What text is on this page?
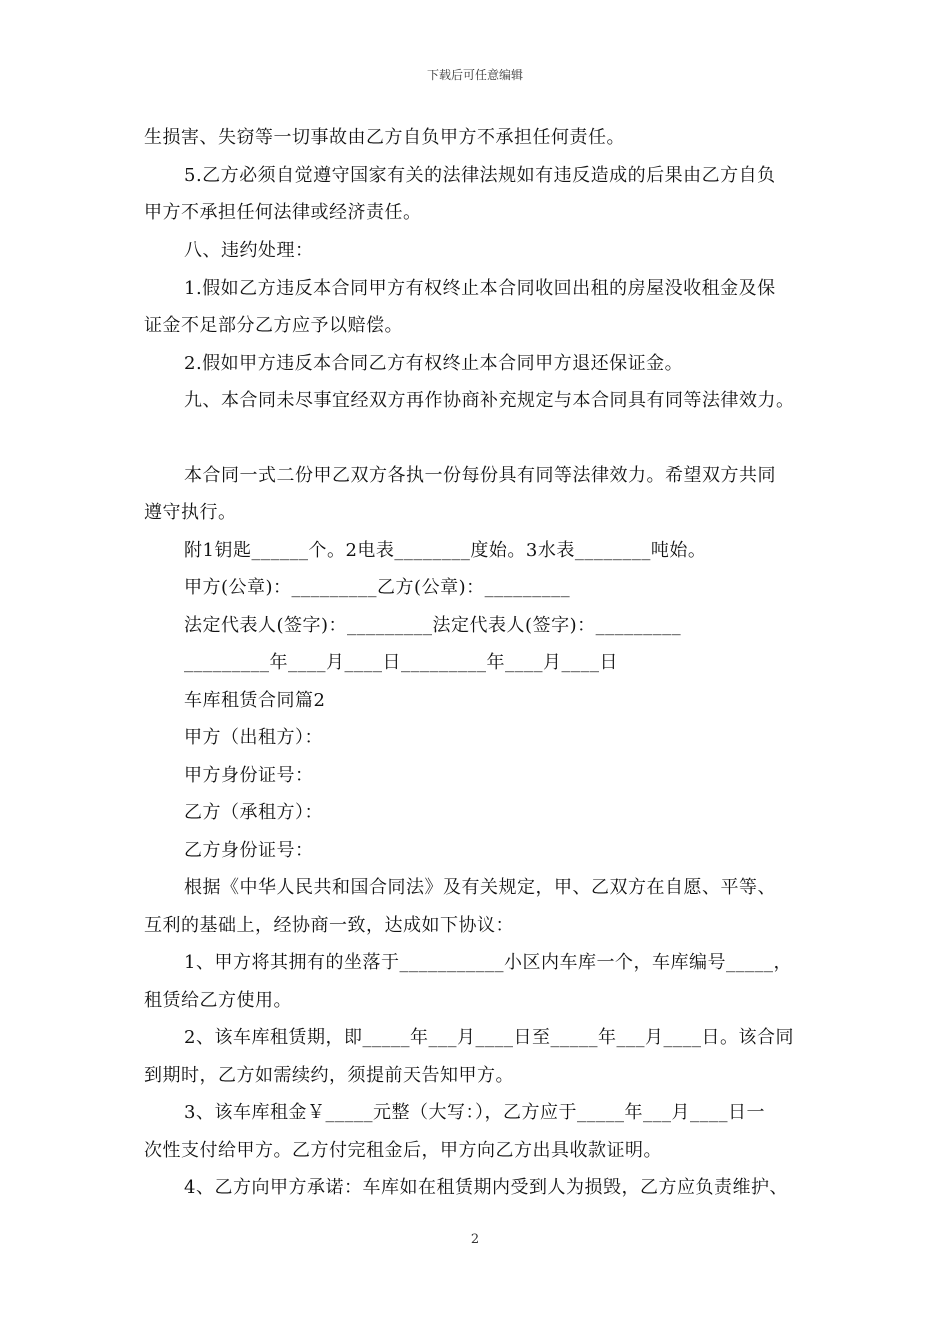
下载后可任意编辑
生损害、失窃等一切事故由乙方自负甲方不承担任何责任。
5.乙方必须自觉遵守国家有关的法律法规如有违反造成的后果由乙方自负
甲方不承担任何法律或经济责任。
八、违约处理：
1.假如乙方违反本合同甲方有权终止本合同收回出租的房屋没收租金及保
证金不足部分乙方应予以赔偿。
2.假如甲方违反本合同乙方有权终止本合同甲方退还保证金。
九、本合同未尽事宜经双方再作协商补充规定与本合同具有同等法律效力。
本合同一式二份甲乙双方各执一份每份具有同等法律效力。希望双方共同
遵守执行。
附1钥匙______个。2电表________度始。3水表________吨始。
甲方(公章)：_________乙方(公章)：_________
法定代表人(签字)：_________法定代表人(签字)：_________
_________年____月____日_________年____月____日
车库租赁合同篇2
甲方（出租方）：
甲方身份证号：
乙方（承租方）：
乙方身份证号：
根据《中华人民共和国合同法》及有关规定，甲、乙双方在自愿、平等、
互利的基础上，经协商一致，达成如下协议：
1、甲方将其拥有的坐落于___________小区内车库一个，车库编号_____，
租赁给乙方使用。
2、该车库租赁期，即_____年___月____日至_____年___月____日。该合同
到期时，乙方如需续约，须提前天告知甲方。
3、该车库租金￥_____元整（大写：），乙方应于_____年___月____日一
次性支付给甲方。乙方付完租金后，甲方向乙方出具收款证明。
4、乙方向甲方承诺：车库如在租赁期内受到人为损毁，乙方应负责维护、
2
